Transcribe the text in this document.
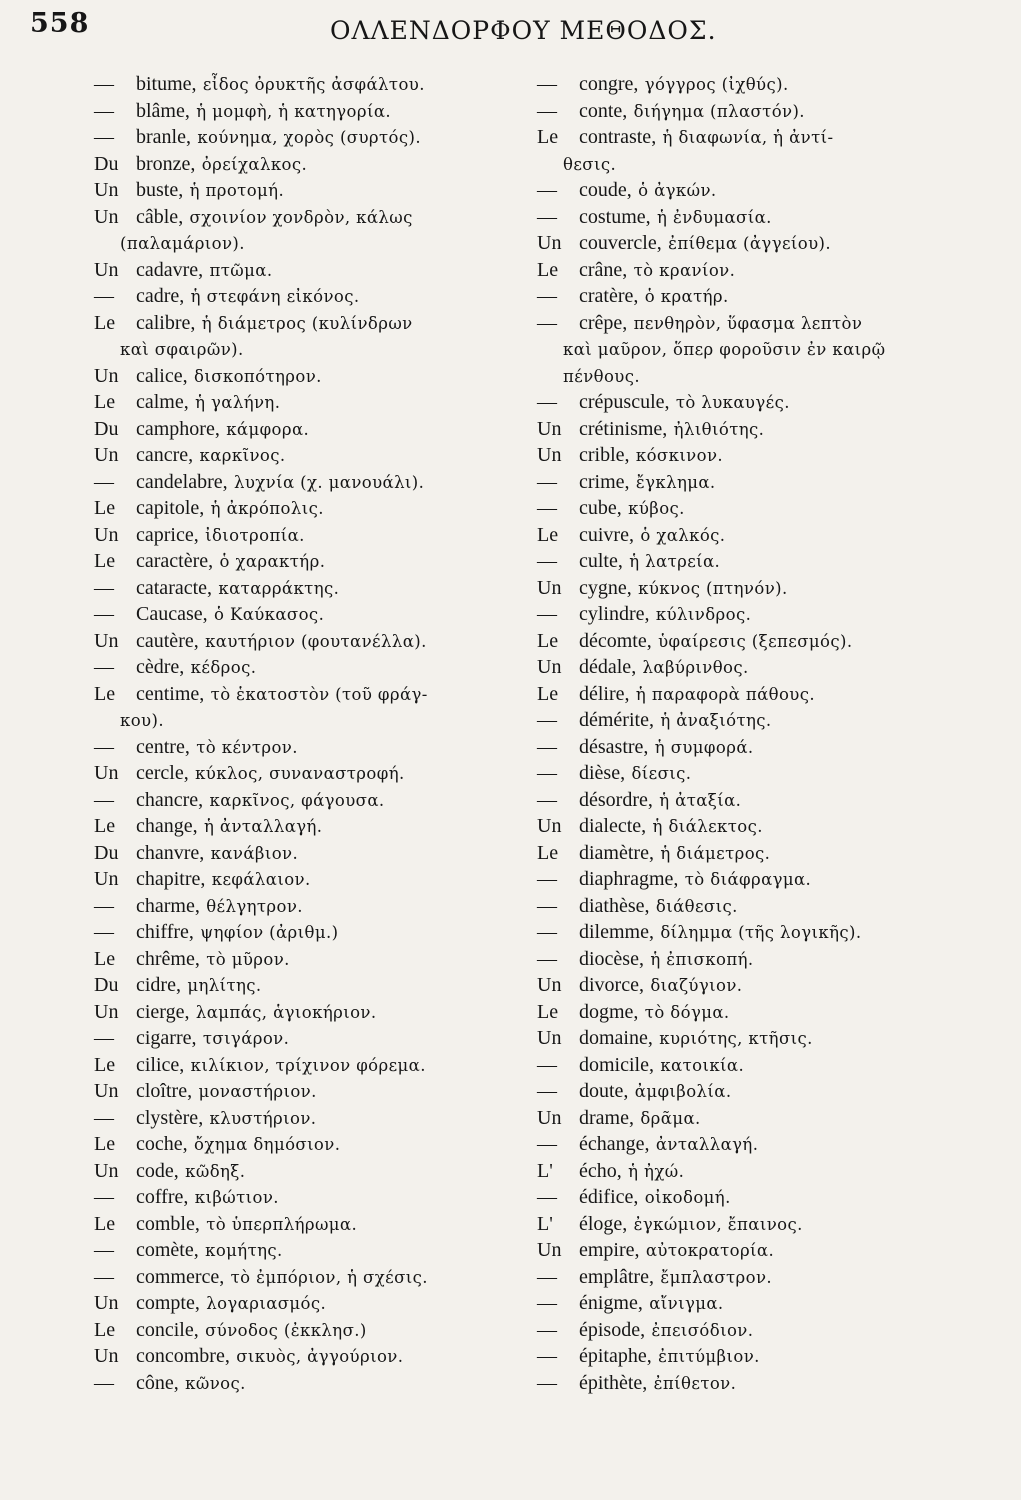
558	ΟΛΛΕΝΔΟΡΦΟΥ ΜΕΘΟΔΟΣ.
— bitume, εἶδος ὀρυκτῆς ἀσφάλτου.
— blâme, ἡ μομφὴ, ἡ κατηγορία.
— branle, κούνημα, χορὸς (συρτός).
Du bronze, ὀρείχαλκος.
Un buste, ἡ προτομή.
Un câble, σχοινίον χονδρὸν, κάλως
(παλαμάριον).
Un cadavre, πτῶμα.
— cadre, ἡ στεφάνη εἰκόνος.
Le calibre, ἡ διάμετρος (κυλίνδρων
καὶ σφαιρῶν).
Un calice, δισκοπότηρον.
Le calme, ἡ γαλήνη.
Du camphore, κάμφορα.
Un cancre, καρκῖνος.
— candelabre, λυχνία (χ. μανουάλι).
Le capitole, ἡ ἀκρόπολις.
Un caprice, ἰδιοτροπία.
Le caractère, ὁ χαρακτήρ.
— cataracte, καταρράκτης.
— Caucase, ὁ Καύκασος.
Un cautère, καυτήριον (φουτανέλλα).
— cèdre, κέδρος.
Le centime, τὸ ἑκατοστὸν (τοῦ φράγ-
κου).
— centre, τὸ κέντρον.
Un cercle, κύκλος, συναναστροφή.
— chancre, καρκῖνος, φάγουσα.
Le change, ἡ ἀνταλλαγή.
Du chanvre, κανάβιον.
Un chapitre, κεφάλαιον.
— charme, θέλγητρον.
— chiffre, ψηφίον (ἀριθμ.)
Le chrême, τὸ μῦρον.
Du cidre, μηλίτης.
Un cierge, λαμπάς, ἁγιοκήριον.
— cigarre, τσιγάρον.
Le cilice, κιλίκιον, τρίχινον φόρεμα.
Un cloître, μοναστήριον.
— clystère, κλυστήριον.
Le coche, ὄχημα δημόσιον.
Un code, κῶδηξ.
— coffre, κιβώτιον.
Le comble, τὸ ὑπερπλήρωμα.
— comète, κομήτης.
— commerce, τὸ ἐμπόριον, ἡ σχέσις.
Un compte, λογαριασμός.
Le concile, σύνοδος (ἐκκλησ.)
Un concombre, σικυὸς, ἀγγούριον.
— cône, κῶνος.
— congre, γόγγρος (ἰχθύς).
— conte, διήγημα (πλαστόν).
Le contraste, ἡ διαφωνία, ἡ ἀντί-
θεσις.
— coude, ὁ ἀγκών.
— costume, ἡ ἐνδυμασία.
Un couvercle, ἐπίθεμα (ἀγγείου).
Le crâne, τὸ κρανίον.
— cratère, ὁ κρατήρ.
— crêpe, πενθηρὸν, ὕφασμα λεπτὸν
καὶ μαῦρον, ὅπερ φοροῦσιν ἐν καιρῷ
πένθους.
— crépuscule, τὸ λυκαυγές.
Un crétinisme, ἠλιθιότης.
Un crible, κόσκινον.
— crime, ἔγκλημα.
— cube, κύβος.
Le cuivre, ὁ χαλκός.
— culte, ἡ λατρεία.
Un cygne, κύκνος (πτηνόν).
— cylindre, κύλινδρος.
Le décomte, ὑφαίρεσις (ξεπεσμός).
Un dédale, λαβύρινθος.
Le délire, ἡ παραφορὰ πάθους.
— démérite, ἡ ἀναξιότης.
— désastre, ἡ συμφορά.
— dièse, δίεσις.
— désordre, ἡ ἀταξία.
Un dialecte, ἡ διάλεκτος.
Le diamètre, ἡ διάμετρος.
— diaphragme, τὸ διάφραγμα.
— diathèse, διάθεσις.
— dilemme, δίλημμα (τῆς λογικῆς).
— diocèse, ἡ ἐπισκοπή.
Un divorce, διαζύγιον.
Le dogme, τὸ δόγμα.
Un domaine, κυριότης, κτῆσις.
— domicile, κατοικία.
— doute, ἀμφιβολία.
Un drame, δρᾶμα.
— échange, ἀνταλλαγή.
L' écho, ἡ ἠχώ.
— édifice, οἰκοδομή.
L' éloge, ἐγκώμιον, ἔπαινος.
Un empire, αὐτοκρατορία.
— emplâtre, ἔμπλαστρον.
— énigme, αἴνιγμα.
— épisode, ἐπεισόδιον.
— épitaphe, ἐπιτύμβιον.
— épithète, ἐπίθετον.
